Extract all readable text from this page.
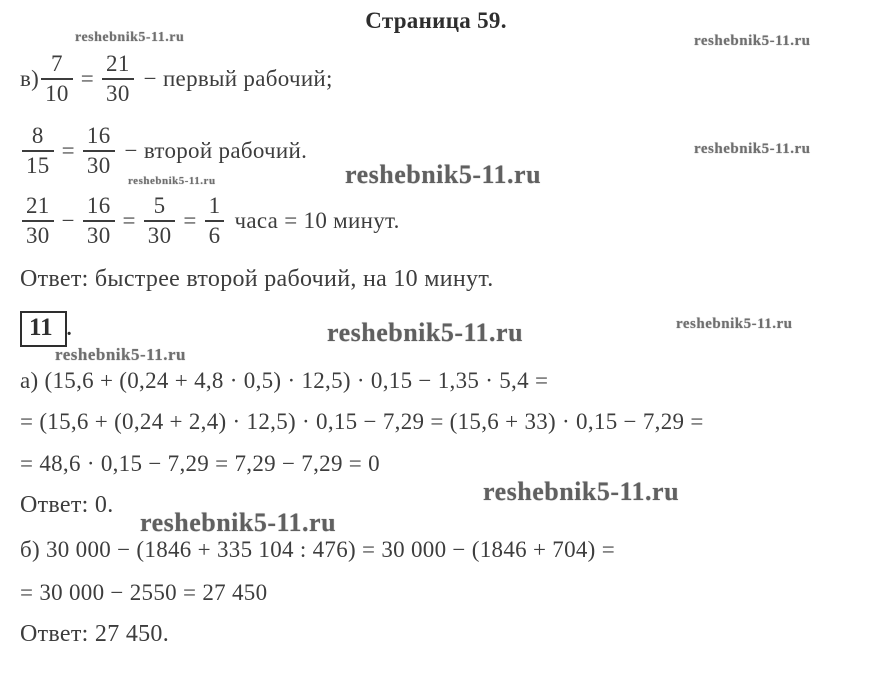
Страница 59.
reshebnik5-11.ru	reshebnik5-11.ru
reshebnik5-11.ru
reshebnik5-11.ru
reshebnik5-11.ru
reshebnik5-11.ru	reshebnik5-11.ru
reshebnik5-11.ru
reshebnik5-11.ru
reshebnik5-11.ru
$в) \frac{7}{10} = \frac{21}{30}$ − первый рабочий;
$\frac{8}{15} = \frac{16}{30}$ − второй рабочий.
$\frac{21}{30} - \frac{16}{30} = \frac{5}{30} = \frac{1}{6}$ часа = 10 минут.
Ответ: быстрее второй рабочий, на 10 минут.
11 .
а) (15,6 + (0,24 + 4,8 · 0,5) · 12,5) · 0,15 − 1,35 · 5,4 =
= (15,6 + (0,24 + 2,4) · 12,5) · 0,15 − 7,29 = (15,6 + 33) · 0,15 − 7,29 =
= 48,6 · 0,15 − 7,29 = 7,29 − 7,29 = 0
Ответ: 0.
б) 30 000 − (1846 + 335 104 : 476) = 30 000 − (1846 + 704) =
= 30 000 − 2550 = 27 450
Ответ: 27 450.
